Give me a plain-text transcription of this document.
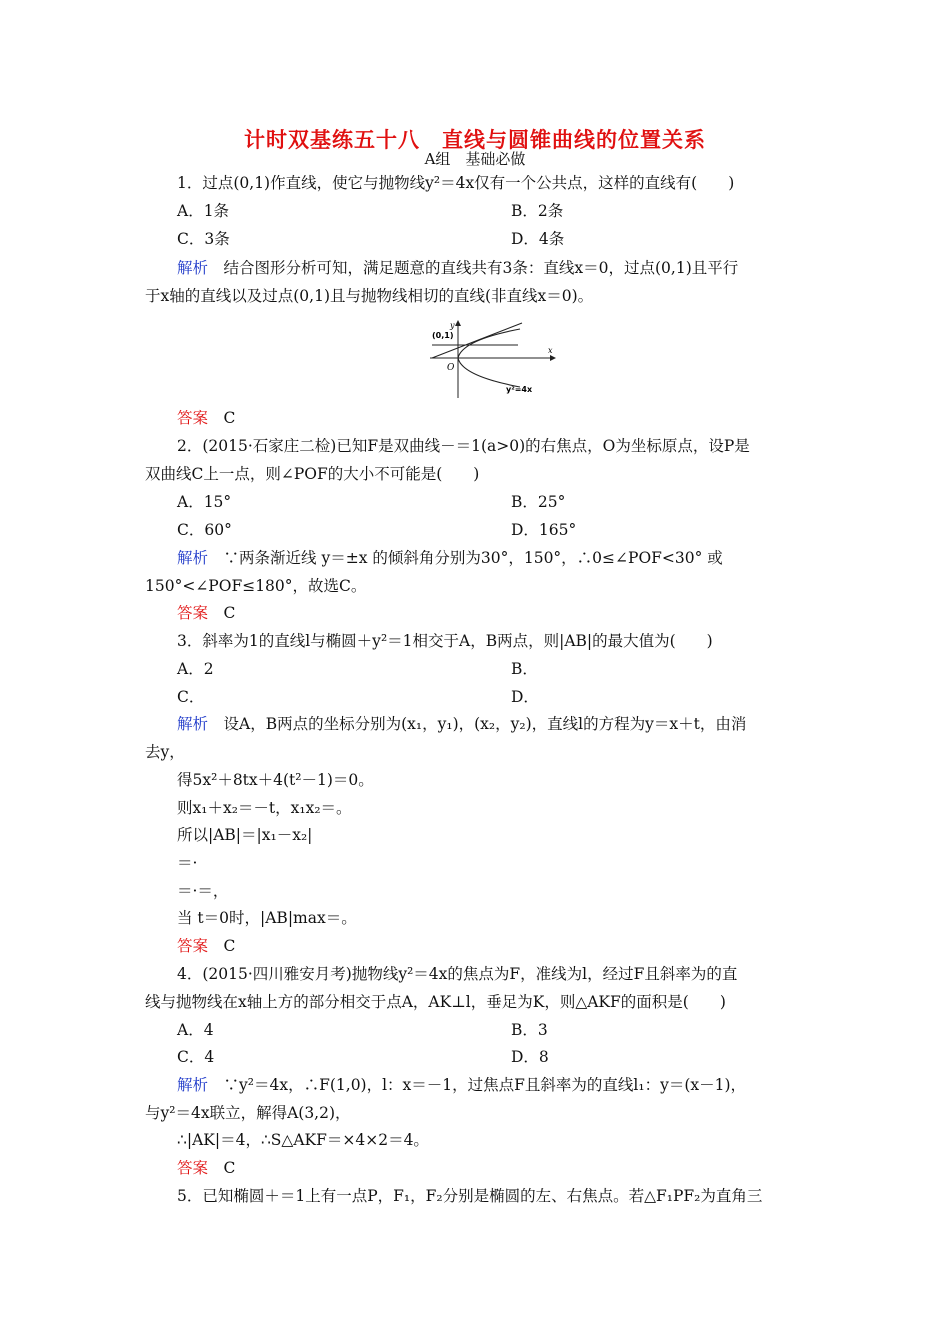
计时双基练五十八　直线与圆锥曲线的位置关系
A组　基础必做
1．过点(0,1)作直线，使它与抛物线y²＝4x仅有一个公共点，这样的直线有(　　)
A．1条	B．2条
C．3条	D．4条
解析　 结合图形分析可知，满足题意的直线共有3条：直线x＝0，过点(0,1)且平行
于x轴的直线以及过点(0,1)且与抛物线相切的直线(非直线x＝0)。
y
x
O
(0,1)
y²=4x
答案　 C
2．(2015·石家庄二检)已知F是双曲线－＝1(a>0)的右焦点，O为坐标原点，设P是
双曲线C上一点，则∠POF的大小不可能是(　　)
A．15°	B．25°
C．60°	D．165°
解析　 ∵两条渐近线 y＝±x 的倾斜角分别为30°，150°，∴0≤∠POF<30° 或
150°<∠POF≤180°，故选C。
答案　 C
3．斜率为1的直线l与椭圆＋y²＝1相交于A，B两点，则|AB|的最大值为(　　)
A．2	B．
C．	D．
解析　 设A，B两点的坐标分别为(x₁，y₁)，(x₂，y₂)，直线l的方程为y＝x＋t，由消
去y，
得5x²＋8tx＋4(t²－1)＝0。
则x₁＋x₂＝－t，x₁x₂＝。
所以|AB|＝|x₁－x₂|
＝·
＝·＝，
当 t＝0时，|AB|max＝。
答案　 C
4．(2015·四川雅安月考)抛物线y²＝4x的焦点为F，准线为l，经过F且斜率为的直
线与抛物线在x轴上方的部分相交于点A，AK⊥l，垂足为K，则△AKF的面积是(　　)
A．4	B．3
C．4	D．8
解析　 ∵y²＝4x，∴F(1,0)，l：x＝－1，过焦点F且斜率为的直线l₁：y＝(x－1)，
与y²＝4x联立，解得A(3,2)，
∴|AK|＝4，∴S△AKF＝×4×2＝4。
答案　 C
5．已知椭圆＋＝1上有一点P，F₁，F₂分别是椭圆的左、右焦点。若△F₁PF₂为直角三
